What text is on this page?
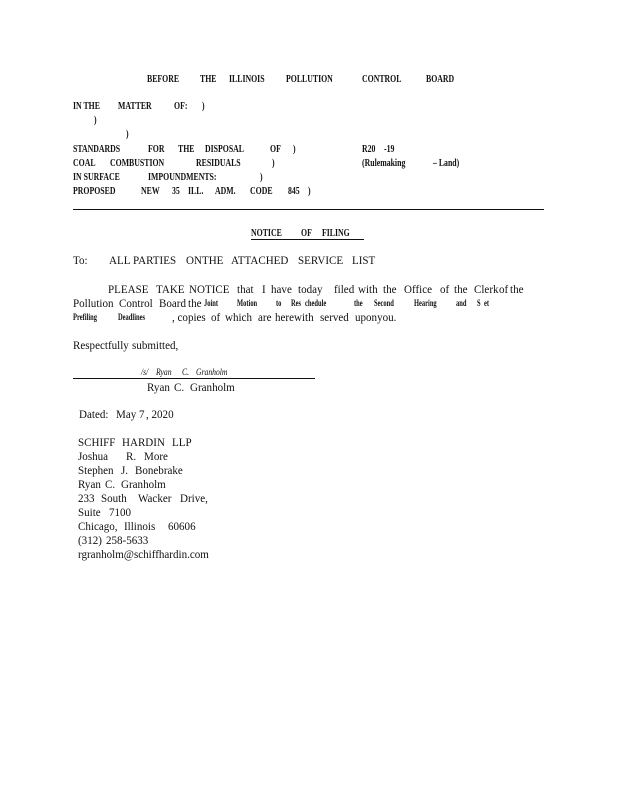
BEFORE THE ILLINOIS POLLUTION	CONTROL BOARD
IN THE MATTER OF: )
)
)
STANDARDS	FOR THE DISPOSAL	OF )	R20 -19
COAL COMBUSTION	RESIDUALS	)	(Rulemaking	– Land)
IN SURFACE	IMPOUNDMENTS:	)
PROPOSED	NEW 35 ILL. ADM. CODE 845 )
NOTICE OF FILING
To: ALL PARTIES ONTHE ATTACHED SERVICE LIST
PLEASE TAKE NOTICE that I have today filed with the Office of the Clerk of the
Pollution Control Board the Joint Motion to Res chedule	the Second Hearing and S et
Prefiling Deadlines , copies of which are herewith served uponyou.
Respectfully submitted,
/s/ Ryan C. Granholm
Ryan C. Granholm
Dated: May 7 , 2020
SCHIFF HARDIN LLP
Joshua R. More
Stephen J. Bonebrake
Ryan C. Granholm
233 South Wacker Drive,
Suite 7100
Chicago, Illinois 60606
(312) 258-5633
rgranholm@schiffhardin.com
